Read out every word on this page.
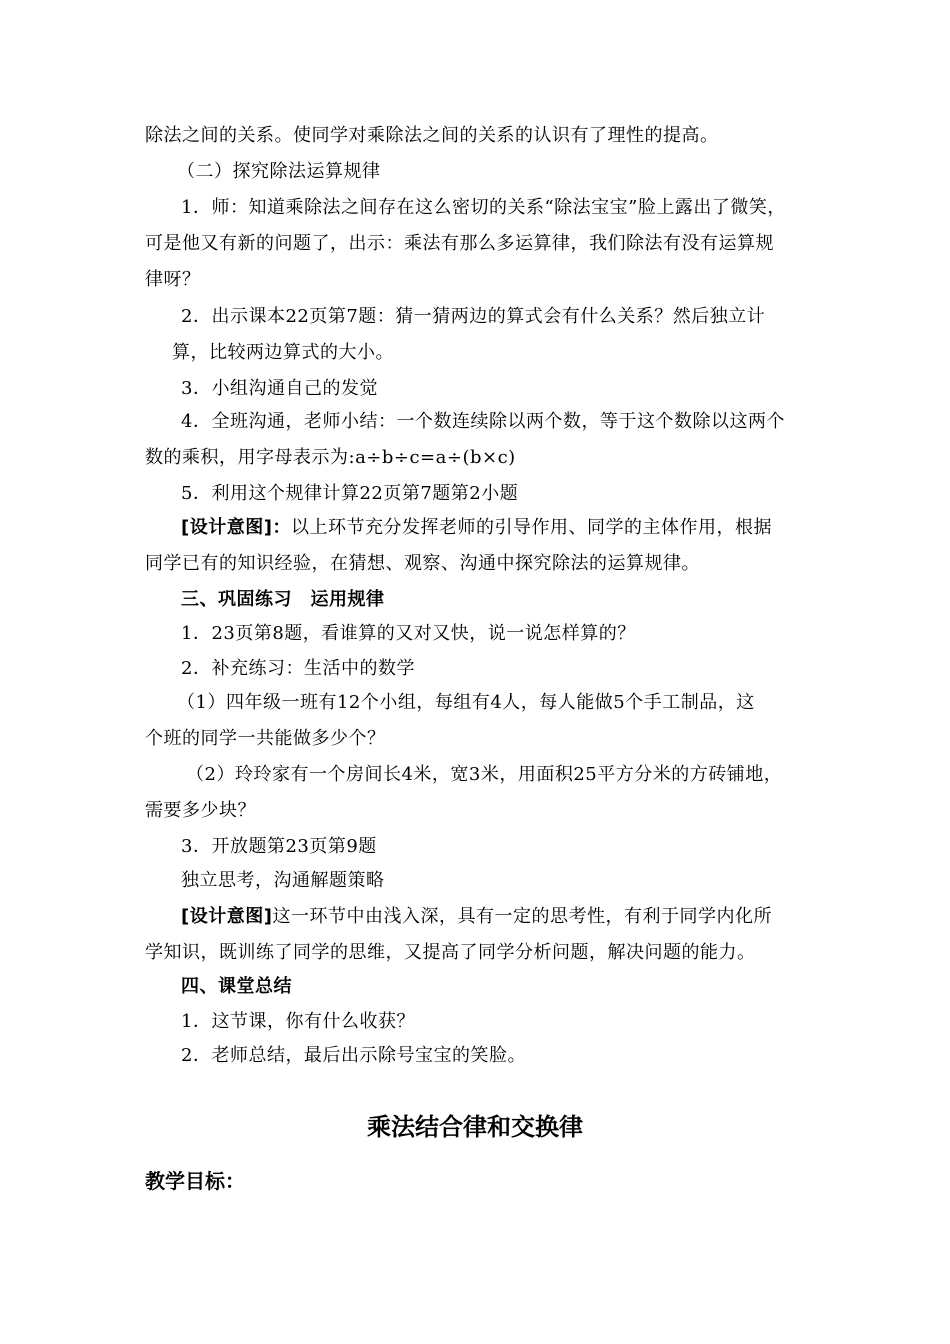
除法之间的关系。使同学对乘除法之间的关系的认识有了理性的提高。
（二）探究除法运算规律
1．师：知道乘除法之间存在这么密切的关系“除法宝宝”脸上露出了微笑，
可是他又有新的问题了，出示：乘法有那么多运算律，我们除法有没有运算规
律呀？
2．出示课本22页第7题：猜一猜两边的算式会有什么关系？然后独立计
算，比较两边算式的大小。
3．小组沟通自己的发觉
4．全班沟通，老师小结：一个数连续除以两个数，等于这个数除以这两个
数的乘积，用字母表示为:a÷b÷c=a÷(b×c)
5．利用这个规律计算22页第7题第2小题
[设计意图]：以上环节充分发挥老师的引导作用、同学的主体作用，根据
同学已有的知识经验，在猜想、观察、沟通中探究除法的运算规律。
三、巩固练习　运用规律
1．23页第8题，看谁算的又对又快，说一说怎样算的？
2．补充练习：生活中的数学
（1）四年级一班有12个小组，每组有4人，每人能做5个手工制品，这
个班的同学一共能做多少个？
（2）玲玲家有一个房间长4米，宽3米，用面积25平方分米的方砖铺地，
需要多少块？
3．开放题第23页第9题
独立思考，沟通解题策略
[设计意图]这一环节中由浅入深，具有一定的思考性，有利于同学内化所
学知识，既训练了同学的思维，又提高了同学分析问题，解决问题的能力。
四、课堂总结
1．这节课，你有什么收获？
2．老师总结，最后出示除号宝宝的笑脸。
乘法结合律和交换律
教学目标：
